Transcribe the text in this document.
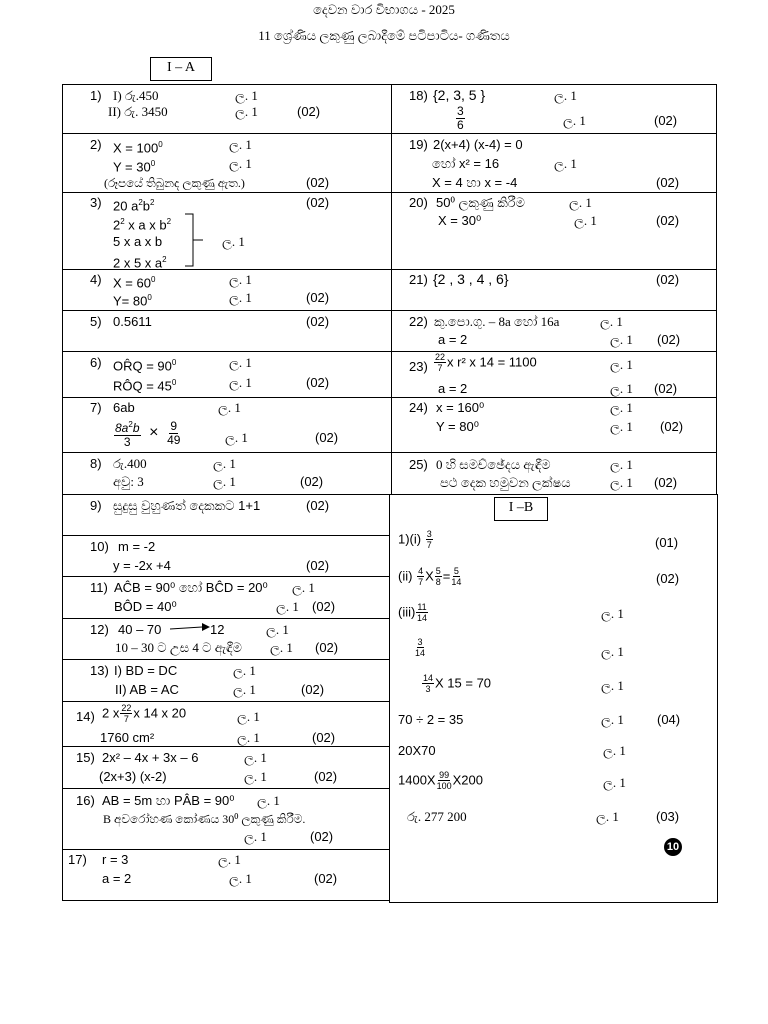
දෙවන වාර විභාගය - 2025
11 ශ්‍රේණිය ලකුණු ලබාදීමේ පටිපාටිය- ගණිතය
I – A
I –B
1) I) රු.450	ල. 1
II) රු. 3450	ල. 1	(02)
2) $X = 100^0$	ල. 1
$Y = 30^0$	ල. 1
(රූපයේ තිබුනද ලකුණු ඇත.)	(02)
3) 20 $a^2b^2$	(02)
$2^2$ x a x $b^2$
5 x a x b
2 x 5 x $a^2$
ල. 1
4) $X = 60^0$	ල. 1
$Y= 80^0$	ල. 1	(02)
5) 0.5611	(02)
6) OR̂Q = $90^0$	ල. 1
RÔQ = $45^0$	ල. 1	(02)
7) 6ab	ල. 1
$\frac{8a^2b}{3} \times \frac{9}{49}$	ල. 1	(02)
8) රු.400	ල. 1
අවු: 3	ල. 1	(02)
9) සුදුසු වුහුණත් දෙකකට 1+1	(02)
10) m = -2
y = -2x +4	(02)
11) AĈB = 90⁰ හෝ BĈD = 20⁰ ල. 1
BÔD = 40⁰	ල. 1 (02)
12) 40 – 70	12	ල. 1
10 – 30 ට උස 4 ට ඇඳීම ල. 1 (02)
13) I) BD = DC	ල. 1
II) AB = AC	ල. 1	(02)
14) 2 x $\frac{22}{7}$ x 14 x 20	ල. 1
1760 cm²	ල. 1	(02)
15) 2x² – 4x + 3x – 6	ල. 1
(2x+3) (x-2)	ල. 1	(02)
16) AB = 5m හා PÂB = 90⁰ ල. 1
B අවරෝහණ කෝණය 30⁰ ලකුණු කිරීම.
ල. 1	(02)
17) r = 3	ල. 1
a = 2	ල. 1	(02)
18) {2, 3, 5 }	ල. 1
$\frac{3}{6}$	ල. 1	(02)
19) 2(x+4) (x-4) = 0
හෝ x² = 16	ල. 1
X = 4 හා x = -4	(02)
20) 50⁰ ලකුණු කිරීම	ල. 1
X = 30⁰	ල. 1	(02)
21) {2 , 3 , 4 , 6}	(02)
22) කු.පො.ගු. – 8a හෝ 16a	ල. 1
a = 2	ල. 1 (02)
$23) \frac{22}{7}$ x r² x 14 = 1100	ල. 1
a = 2	ල. 1 (02)
24) x = 160⁰	ල. 1
Y = 80⁰	ල. 1 (02)
25) 0 හි සමච්ඡේදය ඇඳීම	ල. 1
පථ දෙක හමුවන ලක්ෂය	ල. 1 (02)
$1)(i) \frac{3}{7}$	(01)
$(ii) \frac{4}{7}$ X $\frac{5}{8} = \frac{5}{14}$	(02)
$(iii) \frac{11}{14}$	ල. 1
$\frac{3}{14}$	ල. 1
$\frac{14}{3}$ X 15 = 70	ල. 1
70 ÷ 2 = 35	ල. 1	(04)
20X70	ල. 1
$1400X \frac{99}{100} X200$	ල. 1
රු. 277 200	ල. 1	(03)
10
